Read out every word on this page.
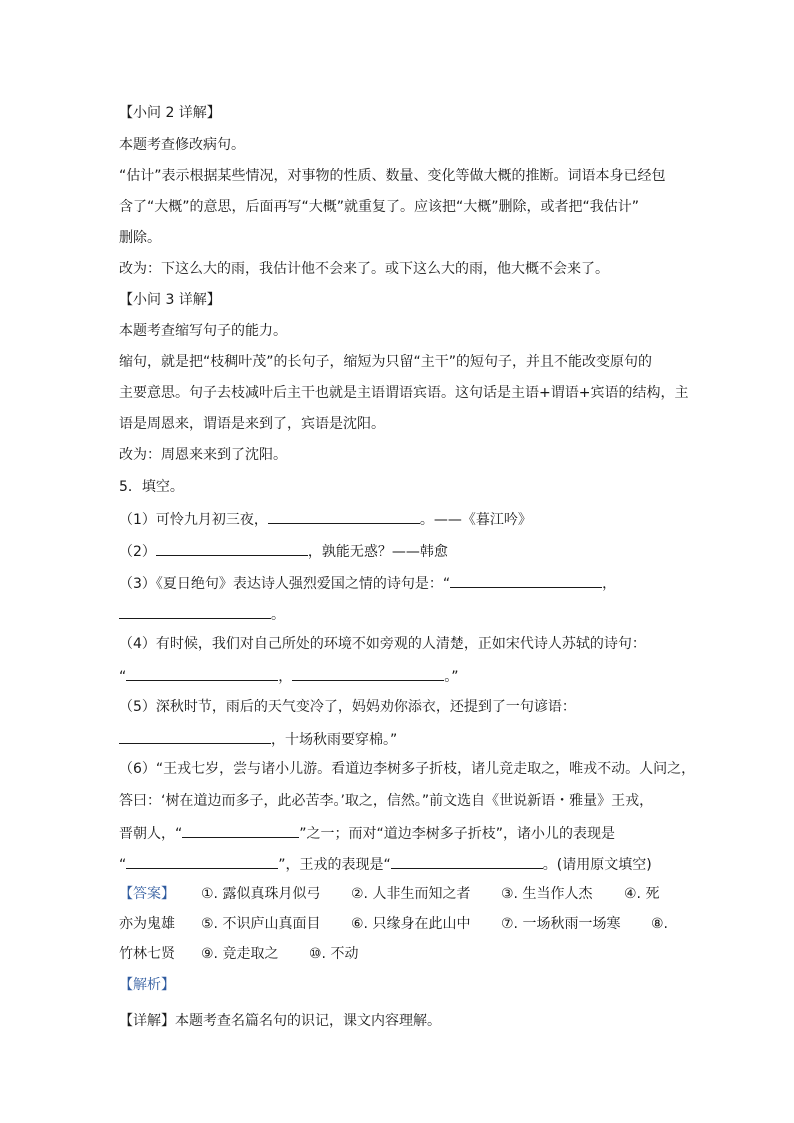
【小问 2 详解】
本题考查修改病句。
“估计”表示根据某些情况，对事物的性质、数量、变化等做大概的推断。词语本身已经包
含了“大概”的意思，后面再写“大概”就重复了。应该把“大概”删除，或者把“我估计”
删除。
改为：下这么大的雨，我估计他不会来了。或下这么大的雨，他大概不会来了。
【小问 3 详解】
本题考查缩写句子的能力。
缩句，就是把“枝稠叶茂”的长句子，缩短为只留“主干”的短句子，并且不能改变原句的
主要意思。句子去枝减叶后主干也就是主语谓语宾语。这句话是主语+谓语+宾语的结构，主
语是周恩来，谓语是来到了，宾语是沈阳。
改为：周恩来来到了沈阳。
5．填空。
（1）可怜九月初三夜，	。——《暮江吟》
（2）	，孰能无惑？——韩愈
（3）《夏日绝句》表达诗人强烈爱国之情的诗句是：“	，
。
（4）有时候，我们对自己所处的环境不如旁观的人清楚，正如宋代诗人苏轼的诗句：
“	，	。”
（5）深秋时节，雨后的天气变冷了，妈妈劝你添衣，还提到了一句谚语：
，十场秋雨要穿棉。”
（6）“王戎七岁，尝与诸小儿游。看道边李树多子折枝，诸儿竞走取之，唯戎不动。人问之，
答曰：‘树在道边而多子，此必苦李。’取之，信然。”前文选自《世说新语・雅量》王戎，
晋朝人，“	”之一；而对“道边李树多子折枝”，诸小儿的表现是
“	”，王戎的表现是“	。(请用原文填空)
【答案】 ①. 露似真珠月似弓 ②. 人非生而知之者 ③. 生当作人杰 ④. 死
亦为鬼雄 ⑤. 不识庐山真面目 ⑥. 只缘身在此山中 ⑦. 一场秋雨一场寒 ⑧.
竹林七贤 ⑨. 竞走取之 ⑩. 不动
【解析】
【详解】本题考查名篇名句的识记，课文内容理解。
